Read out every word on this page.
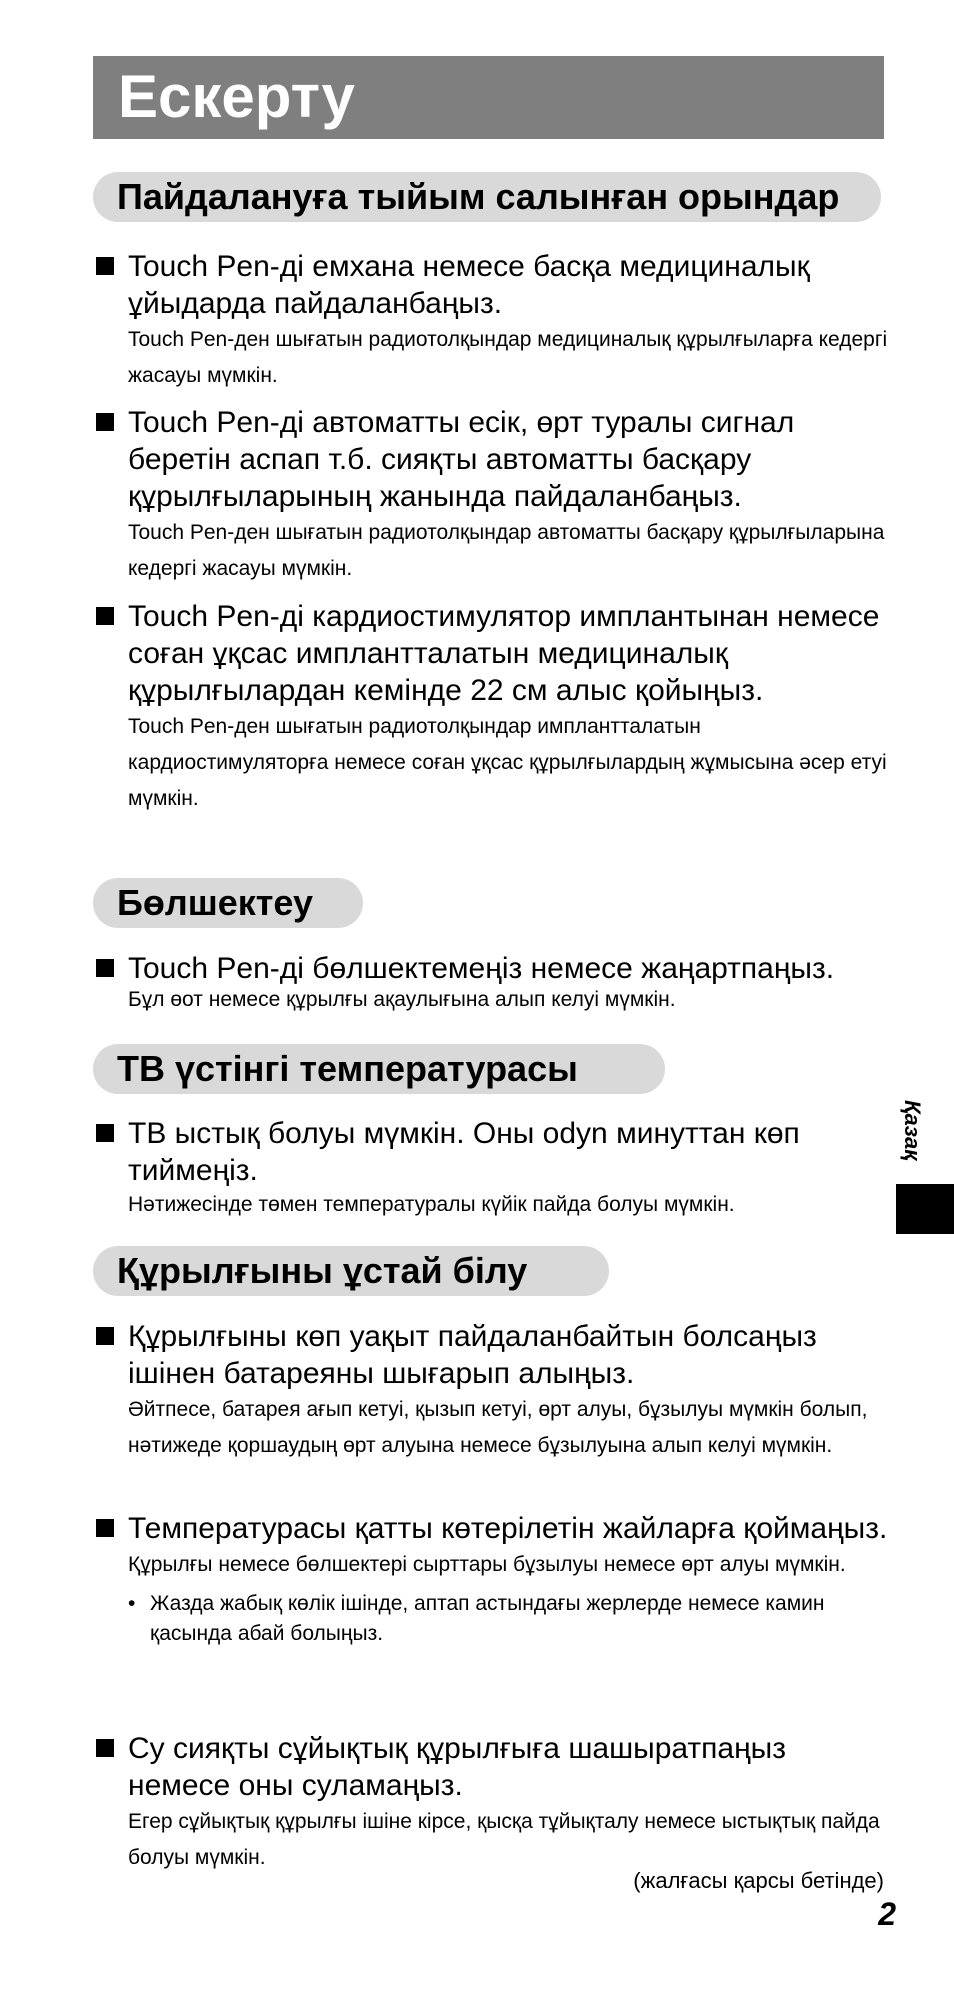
Ескерту
Пайдалануға тыйым салынған орындар
Touch Pen-ді емхана немесе басқа медициналық ұйыдарда пайдаланбаңыз.
Touch Pen-ден шығатын радиотолқындар медициналық құрылғыларға кедергі жасауы мүмкін.
Touch Pen-ді автоматты есік, өрт туралы сигнал беретін аспап т.б. сияқты автоматты басқару құрылғыларының жанында пайдаланбаңыз.
Touch Pen-ден шығатын радиотолқындар автоматты басқару құрылғыларына кедергі жасауы мүмкін.
Touch Pen-ді кардиостимулятор имплантынан немесе соған ұқсас имплантталатын медициналық құрылғылардан кемінде 22 см алыс қойыңыз.
Touch Pen-ден шығатын радиотолқындар имплантталатын кардиостимуляторға немесе соған ұқсас құрылғылардың жұмысына әсер етуі мүмкін.
Бөлшектеу
Touch Pen-ді бөлшектемеңіз немесе жаңартпаңыз.
Бұл өот немесе құрылғы ақаулығына алып келуі мүмкін.
ТВ үстінгі температурасы
ТВ ыстық болуы мүмкін. Оны оdуn минуттан көп тиймеңіз.
Нәтижесінде төмен температуралы күйік пайда болуы мүмкін.
Құрылғыны ұстай білу
Құрылғыны көп уақыт пайдаланбайтын болсаңыз ішінен батареяны шығарып алыңыз.
Әйтпесе, батарея ағып кетуі, қызып кетуі, өрт алуы, бұзылуы мүмкін болып, нәтижеде қоршаудың өрт алуына немесе бұзылуына алып келуі мүмкін.
Температурасы қатты көтерілетін жайларға қоймаңыз.
Құрылғы немесе бөлшектері сырттары бұзылуы немесе өрт алуы мүмкін.
• Жазда жабық көлік ішінде, аптап астындағы жерлерде немесе камин қасында абай болыңыз.
Су сияқты сұйықтық құрылғыға шашыратпаңыз немесе оны суламаңыз.
Егер сұйықтық құрылғы ішіне кірсе, қысқа тұйықталу немесе ыстықтық пайда болуы мүмкін.
(жалғасы қарсы бетінде)
2
Қазақ
